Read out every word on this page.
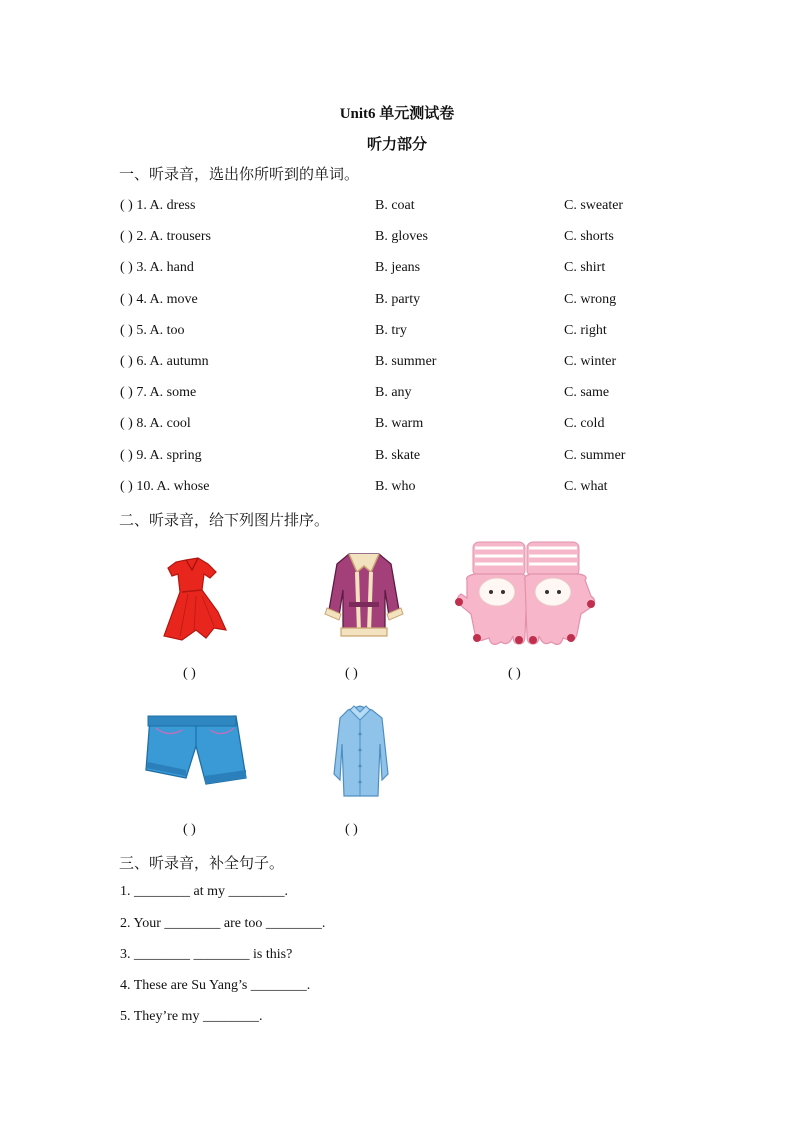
Unit6 单元测试卷
听力部分
一、听录音，选出你所听到的单词。
( ) 1. A. dress	B. coat	C. sweater
( ) 2. A. trousers	B. gloves	C. shorts
( ) 3. A. hand	B. jeans	C. shirt
( ) 4. A. move	B. party	C. wrong
( ) 5. A. too	B. try	C. right
( ) 6. A. autumn	B. summer	C. winter
( ) 7. A. some	B. any	C. same
( ) 8. A. cool	B. warm	C. cold
( ) 9. A. spring	B. skate	C. summer
( ) 10. A. whose	B. who	C. what
二、听录音，给下列图片排序。
( )	( )	( )
( )	( )
三、听录音，补全句子。
1. ________ at my ________.
2. Your ________ are too ________.
3. ________ ________ is this?
4. These are Su Yang’s ________.
5. They’re my ________.
